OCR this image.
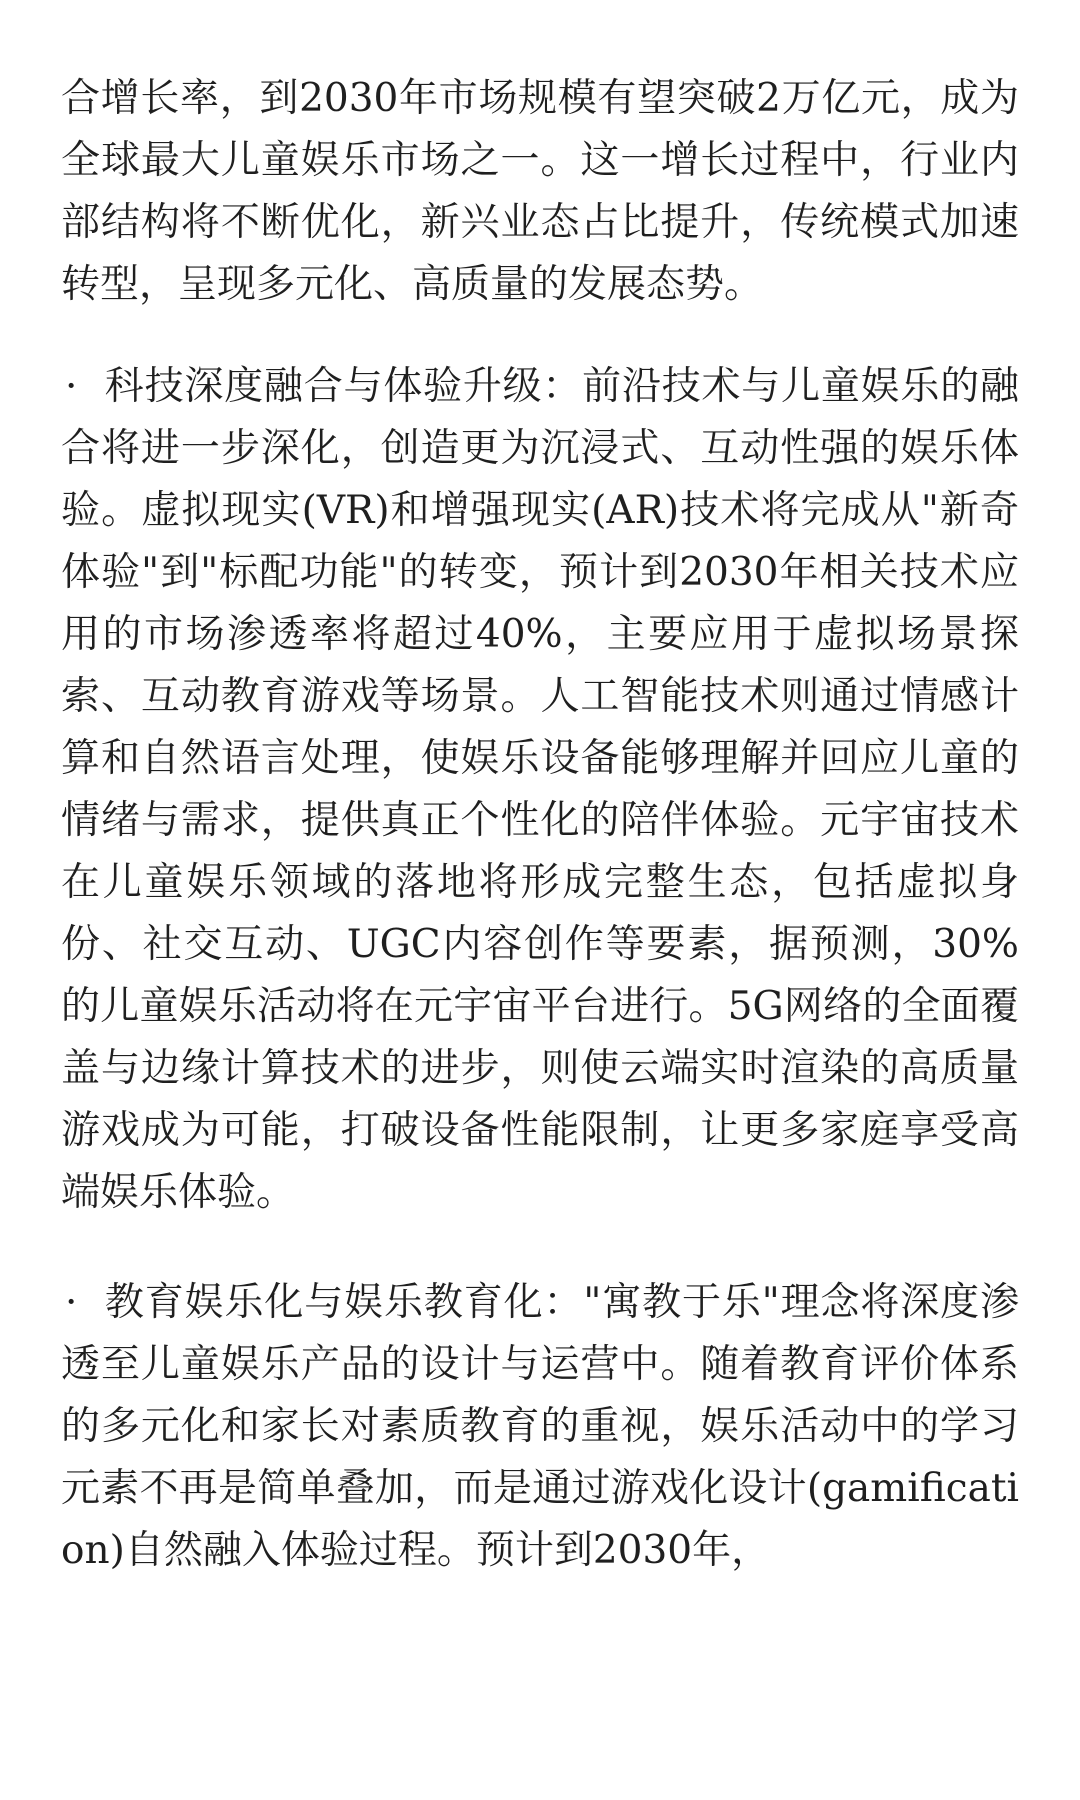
合增长率，到2030年市场规模有望突破2万亿元，成为全球最大儿童娱乐市场之一。这一增长过程中，行业内部结构将不断优化，新兴业态占比提升，传统模式加速转型，呈现多元化、高质量的发展态势。

· 科技深度融合与体验升级：前沿技术与儿童娱乐的融合将进一步深化，创造更为沉浸式、互动性强的娱乐体验。虚拟现实(VR)和增强现实(AR)技术将完成从"新奇体验"到"标配功能"的转变，预计到2030年相关技术应用的市场渗透率将超过40%，主要应用于虚拟场景探索、互动教育游戏等场景。人工智能技术则通过情感计算和自然语言处理，使娱乐设备能够理解并回应儿童的情绪与需求，提供真正个性化的陪伴体验。元宇宙技术在儿童娱乐领域的落地将形成完整生态，包括虚拟身份、社交互动、UGC内容创作等要素，据预测，30%的儿童娱乐活动将在元宇宙平台进行。5G网络的全面覆盖与边缘计算技术的进步，则使云端实时渲染的高质量游戏成为可能，打破设备性能限制，让更多家庭享受高端娱乐体验。

· 教育娱乐化与娱乐教育化："寓教于乐"理念将深度渗透至儿童娱乐产品的设计与运营中。随着教育评价体系的多元化和家长对素质教育的重视，娱乐活动中的学习元素不再是简单叠加，而是通过游戏化设计(gamification)自然融入体验过程。预计到2030年，
